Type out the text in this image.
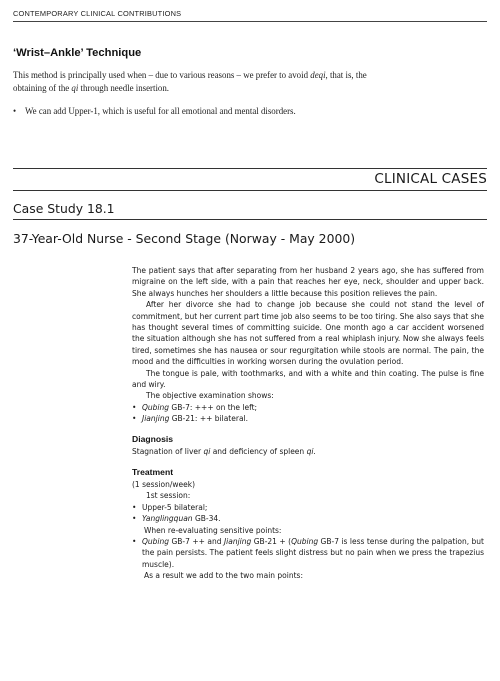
CONTEMPORARY CLINICAL CONTRIBUTIONS
‘Wrist–Ankle’ Technique
This method is principally used when – due to various reasons – we prefer to avoid deqi, that is, the obtaining of the qi through needle insertion.
• We can add Upper-1, which is useful for all emotional and mental disorders.
CLINICAL CASES
Case Study 18.1
37-Year-Old Nurse - Second Stage (Norway - May 2000)

The patient says that after separating from her husband 2 years ago, she has suffered from migraine on the left side, with a pain that reaches her eye, neck, shoulder and upper back. She always hunches her shoulders a little because this position relieves the pain.

After her divorce she had to change job because she could not stand the level of commitment, but her current part time job also seems to be too tiring. She also says that she has thought several times of committing suicide. One month ago a car accident worsened the situation although she has not suffered from a real whiplash injury. Now she always feels tired, sometimes she has nausea or sour regurgitation while stools are normal. The pain, the mood and the difficulties in working worsen during the ovulation period.

The tongue is pale, with toothmarks, and with a white and thin coating. The pulse is fine and wiry.

The objective examination shows:

• Qubing GB-7: +++ on the left;

• Jianjing GB-21: ++ bilateral.

Diagnosis

Stagnation of liver qi and deficiency of spleen qi.

Treatment

(1 session/week)

1st session:

• Upper-5 bilateral;

• Yanglingquan GB-34.

When re-evaluating sensitive points:

• Qubing GB-7 ++ and Jianjing GB-21 + (Qubing GB-7 is less tense during the palpation, but the pain persists. The patient feels slight distress but no pain when we press the trapezius muscle).

As a result we add to the two main points:
